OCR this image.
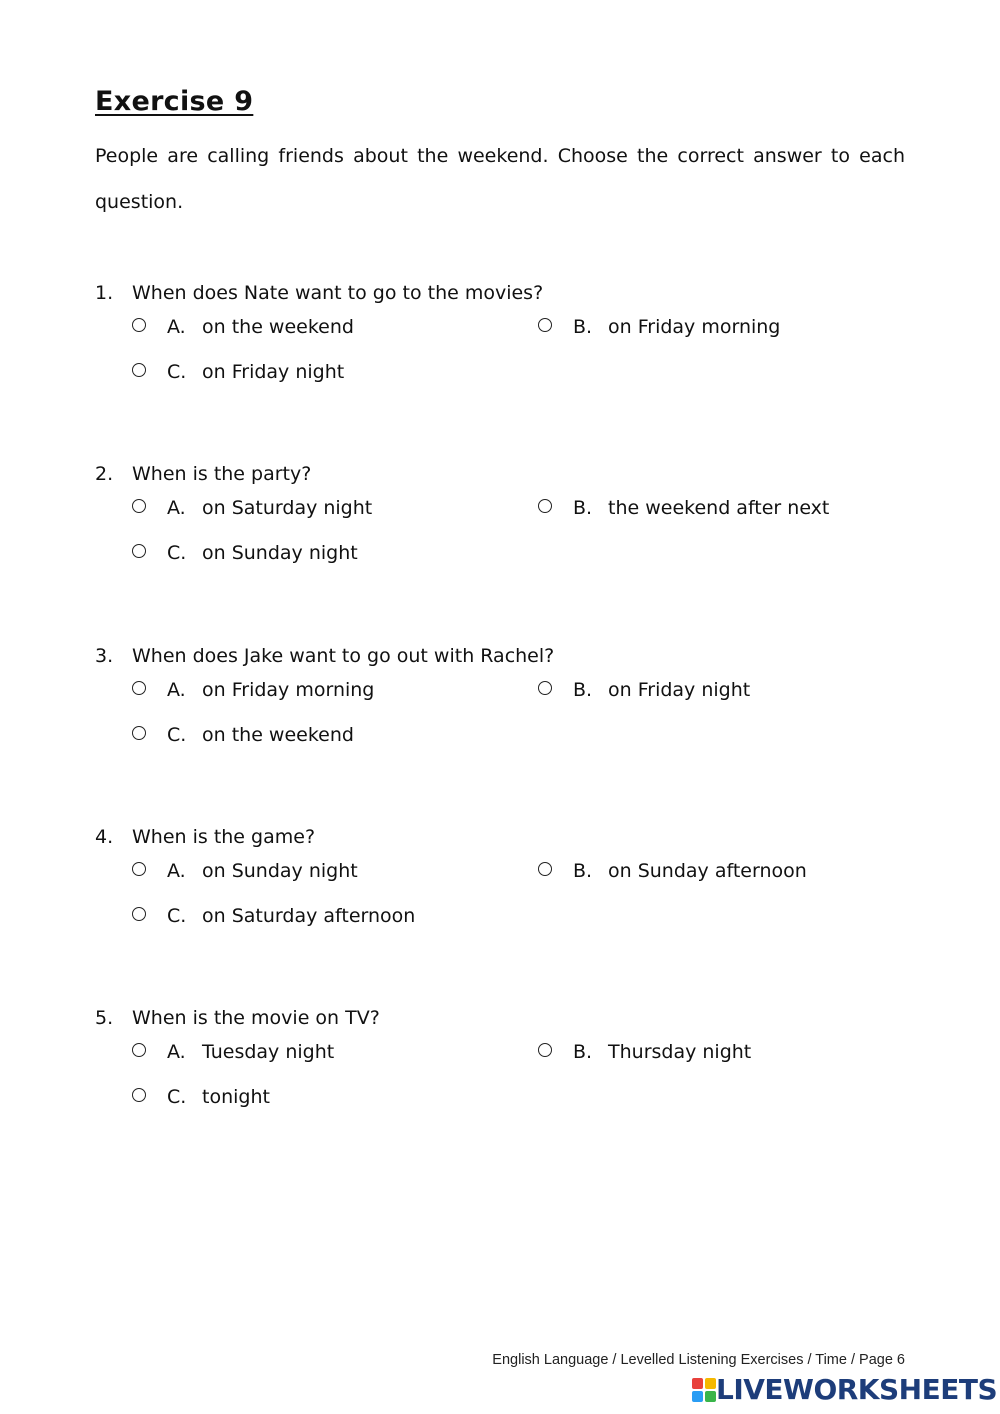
Exercise 9

People are calling friends about the weekend. Choose the correct answer to each question.

1. When does Nate want to go to the movies?
A. on the weekend	B. on Friday morning
C. on Friday night
2. When is the party?
A. on Saturday night	B. the weekend after next
C. on Sunday night
3. When does Jake want to go out with Rachel?
A. on Friday morning	B. on Friday night
C. on the weekend
4. When is the game?
A. on Sunday night	B. on Sunday afternoon
C. on Saturday afternoon
5. When is the movie on TV?
A. Tuesday night	B. Thursday night
C. tonight
English Language / Levelled Listening Exercises / Time / Page 6
LIVEWORKSHEETS
